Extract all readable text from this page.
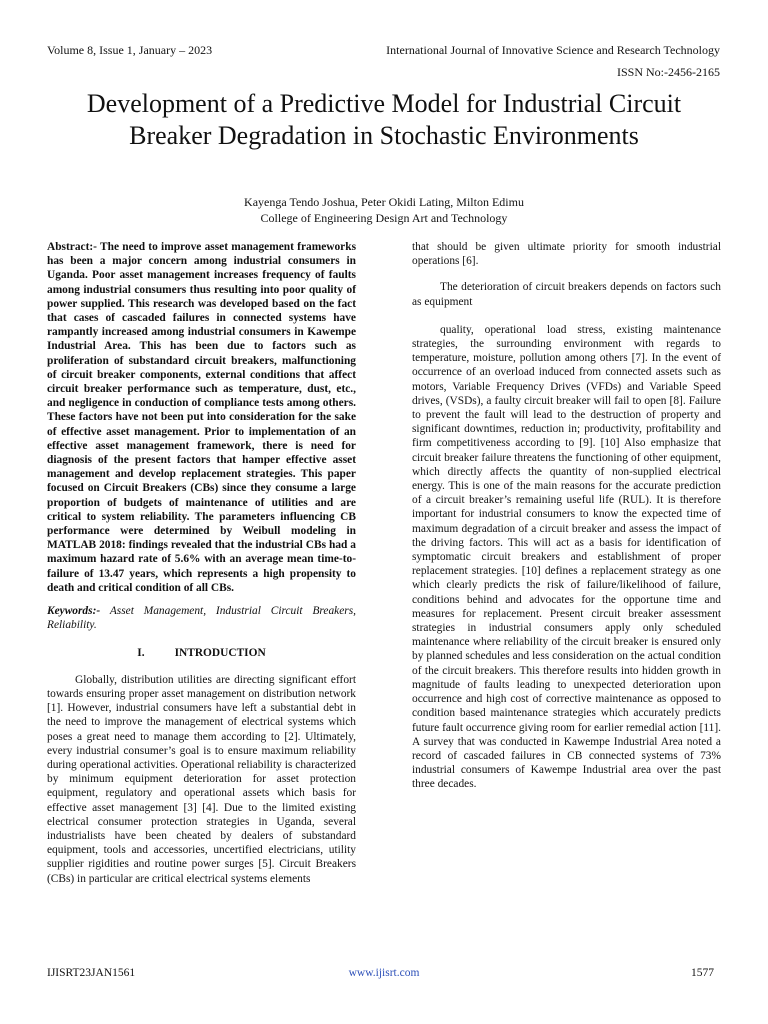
Volume 8, Issue 1, January – 2023	International Journal of Innovative Science and Research Technology
ISSN No:-2456-2165
Development of a Predictive Model for Industrial Circuit Breaker Degradation in Stochastic Environments
Kayenga Tendo Joshua, Peter Okidi Lating, Milton Edimu
College of Engineering Design Art and Technology

Abstract:- The need to improve asset management frameworks has been a major concern among industrial consumers in Uganda. Poor asset management increases frequency of faults among industrial consumers thus resulting into poor quality of power supplied. This research was developed based on the fact that cases of cascaded failures in connected systems have rampantly increased among industrial consumers in Kawempe Industrial Area. This has been due to factors such as proliferation of substandard circuit breakers, malfunctioning of circuit breaker components, external conditions that affect circuit breaker performance such as temperature, dust, etc., and negligence in conduction of compliance tests among others. These factors have not been put into consideration for the sake of effective asset management. Prior to implementation of an effective asset management framework, there is need for diagnosis of the present factors that hamper effective asset management and develop replacement strategies. This paper focused on Circuit Breakers (CBs) since they consume a large proportion of budgets of maintenance of utilities and are critical to system reliability. The parameters influencing CB performance were determined by Weibull modeling in MATLAB 2018: findings revealed that the industrial CBs had a maximum hazard rate of 5.6% with an average mean time-to-failure of 13.47 years, which represents a high propensity to death and critical condition of all CBs.

Keywords:- Asset Management, Industrial Circuit Breakers, Reliability.

I.	INTRODUCTION

Globally, distribution utilities are directing significant effort towards ensuring proper asset management on distribution network [1]. However, industrial consumers have left a substantial debt in the need to improve the management of electrical systems which poses a great need to manage them according to [2]. Ultimately, every industrial consumer’s goal is to ensure maximum reliability during operational activities. Operational reliability is characterized by minimum equipment deterioration for asset protection equipment, regulatory and operational assets which basis for effective asset management [3] [4]. Due to the limited existing electrical consumer protection strategies in Uganda, several industrialists have been cheated by dealers of substandard equipment, tools and accessories, uncertified electricians, utility supplier rigidities and routine power surges [5]. Circuit Breakers (CBs) in particular are critical electrical systems elements

that should be given ultimate priority for smooth industrial operations [6].

The deterioration of circuit breakers depends on factors such as equipment

quality, operational load stress, existing maintenance strategies, the surrounding environment with regards to temperature, moisture, pollution among others [7]. In the event of occurrence of an overload induced from connected assets such as motors, Variable Frequency Drives (VFDs) and Variable Speed drives, (VSDs), a faulty circuit breaker will fail to open [8]. Failure to prevent the fault will lead to the destruction of property and significant downtimes, reduction in; productivity, profitability and firm competitiveness according to [9]. [10] Also emphasize that circuit breaker failure threatens the functioning of other equipment, which directly affects the quantity of non-supplied electrical energy. This is one of the main reasons for the accurate prediction of a circuit breaker’s remaining useful life (RUL). It is therefore important for industrial consumers to know the expected time of maximum degradation of a circuit breaker and assess the impact of the driving factors. This will act as a basis for identification of symptomatic circuit breakers and establishment of proper replacement strategies. [10] defines a replacement strategy as one which clearly predicts the risk of failure/likelihood of failure, conditions behind and advocates for the opportune time and measures for replacement. Present circuit breaker assessment strategies in industrial consumers apply only scheduled maintenance where reliability of the circuit breaker is ensured only by planned schedules and less consideration on the actual condition of the circuit breakers. This therefore results into hidden growth in magnitude of faults leading to unexpected deterioration upon occurrence and high cost of corrective maintenance as opposed to condition based maintenance strategies which accurately predicts future fault occurrence giving room for earlier remedial action [11]. A survey that was conducted in Kawempe Industrial Area noted a record of cascaded failures in CB connected systems of 73% industrial consumers of Kawempe Industrial area over the past three decades.

IJISRT23JAN1561	www.ijisrt.com	1577
